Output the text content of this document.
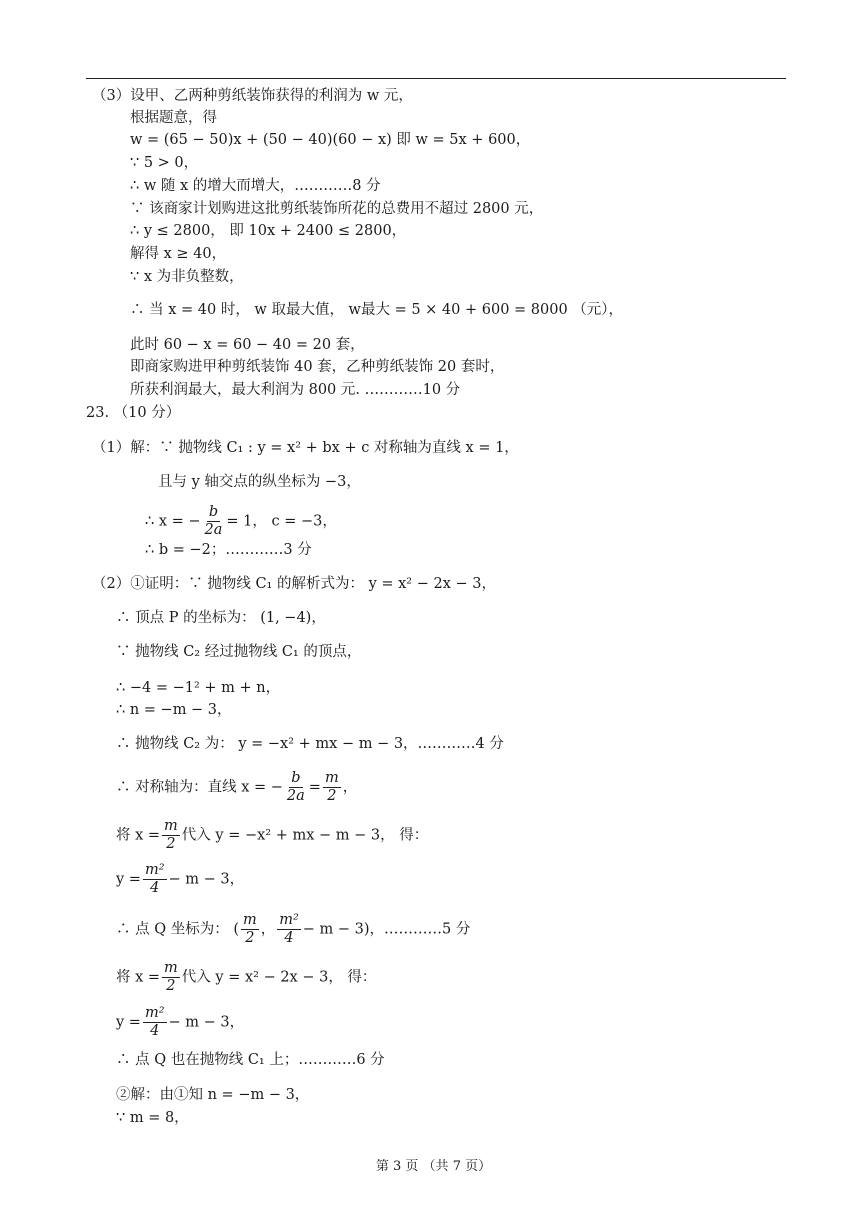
（3）设甲、乙两种剪纸装饰获得的利润为 w 元，
根据题意，得
w = (65 − 50)x + (50 − 40)(60 − x) 即 w = 5x + 600，
∵ 5 > 0，
∴ w 随 x 的增大而增大，…………8 分
∵ 该商家计划购进这批剪纸装饰所花的总费用不超过 2800 元，
∴ y ≤ 2800， 即 10x + 2400 ≤ 2800，
解得 x ≥ 40，
∵ x 为非负整数，
∴ 当 x = 40 时， w 取最大值， w最大 = 5 × 40 + 600 = 8000 （元），
此时 60 − x = 60 − 40 = 20 套，
即商家购进甲种剪纸装饰 40 套，乙种剪纸装饰 20 套时，
所获利润最大，最大利润为 800 元. …………10 分
23. （10 分）
（1）解：∵ 抛物线 C₁ : y = x² + bx + c 对称轴为直线 x = 1，
且与 y 轴交点的纵坐标为 −3，
∴ x = − $\frac{b}{2a} = 1$， c = −3，
∴ b = −2；…………3 分
（2）①证明：∵ 抛物线 C₁ 的解析式为： y = x² − 2x − 3，
∴ 顶点 P 的坐标为： (1, −4)，
∵ 抛物线 C₂ 经过抛物线 C₁ 的顶点，
∴ −4 = −1² + m + n，
∴ n = −m − 3，
∴ 抛物线 C₂ 为： y = −x² + mx − m − 3，…………4 分
∴ 对称轴为：直线 x = − $\frac{b}{2a} = \frac{m}{2}$ ，
将 $x = \frac{m}{2}$ 代入 y = −x² + mx − m − 3， 得：
$y = \frac{\text{m²}}{4} - m - 3$，
∴ 点 Q 坐标为： ( $\frac{m}{2}$ ， $\frac{\text{m²}}{4} - m - 3$)，…………5 分
将 $x = \frac{m}{2}$ 代入 y = x² − 2x − 3， 得：
$y = \frac{\text{m²}}{4} - m - 3$，
∴ 点 Q 也在抛物线 C₁ 上；…………6 分
②解：由①知 n = −m − 3，
∵ m = 8，
第 3 页 （共 7 页）
